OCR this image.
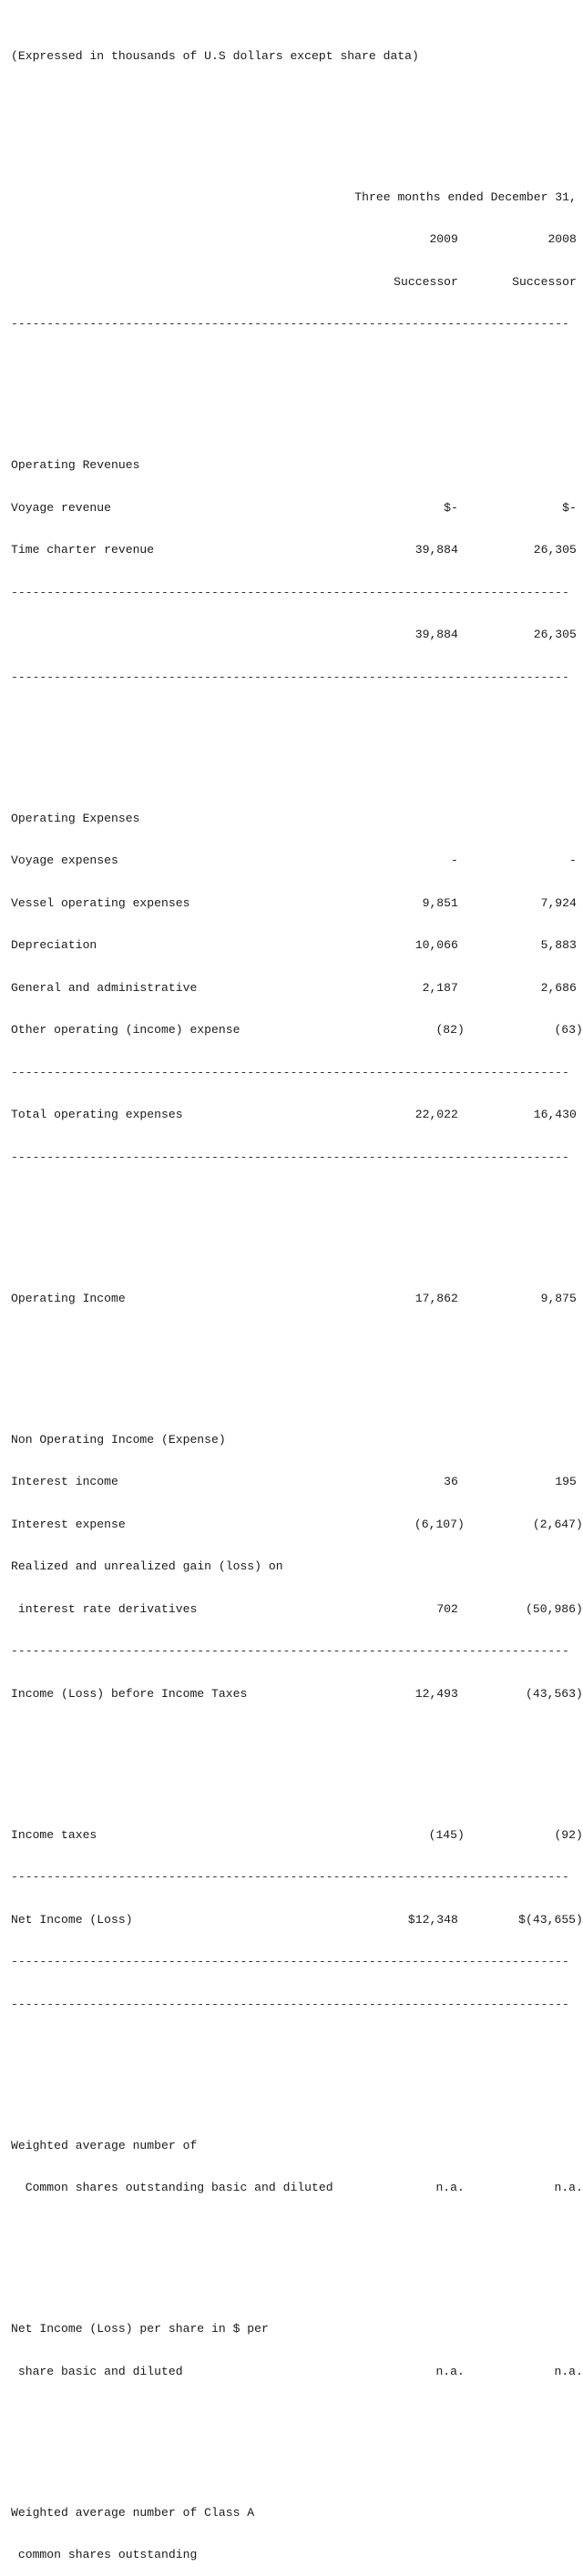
(Expressed in thousands of U.S dollars except share data)

Three months ended December 31,

2009	2008

Successor	Successor

------------------------------------------------------------------------------

Operating Revenues

Voyage revenue	$-	$-

Time charter revenue	39,884	26,305

------------------------------------------------------------------------------

39,884	26,305

------------------------------------------------------------------------------

Operating Expenses

Voyage expenses	-	-

Vessel operating expenses	9,851	7,924

Depreciation	10,066	5,883

General and administrative	2,187	2,686

Other operating (income) expense	(82)	(63)

------------------------------------------------------------------------------

Total operating expenses	22,022	16,430

------------------------------------------------------------------------------

Operating Income	17,862	9,875

Non Operating Income (Expense)

Interest income	36	195

Interest expense	(6,107)	(2,647)

Realized and unrealized gain (loss) on

interest rate derivatives	702	(50,986)

------------------------------------------------------------------------------

Income (Loss) before Income Taxes	12,493	(43,563)

Income taxes	(145)	(92)

------------------------------------------------------------------------------

Net Income (Loss)	$12,348	$(43,655)

------------------------------------------------------------------------------

------------------------------------------------------------------------------

Weighted average number of

Common shares outstanding basic and diluted	n.a.	n.a.

Net Income (Loss) per share in $ per

share basic and diluted	n.a.	n.a.

Weighted average number of Class A

common shares outstanding
